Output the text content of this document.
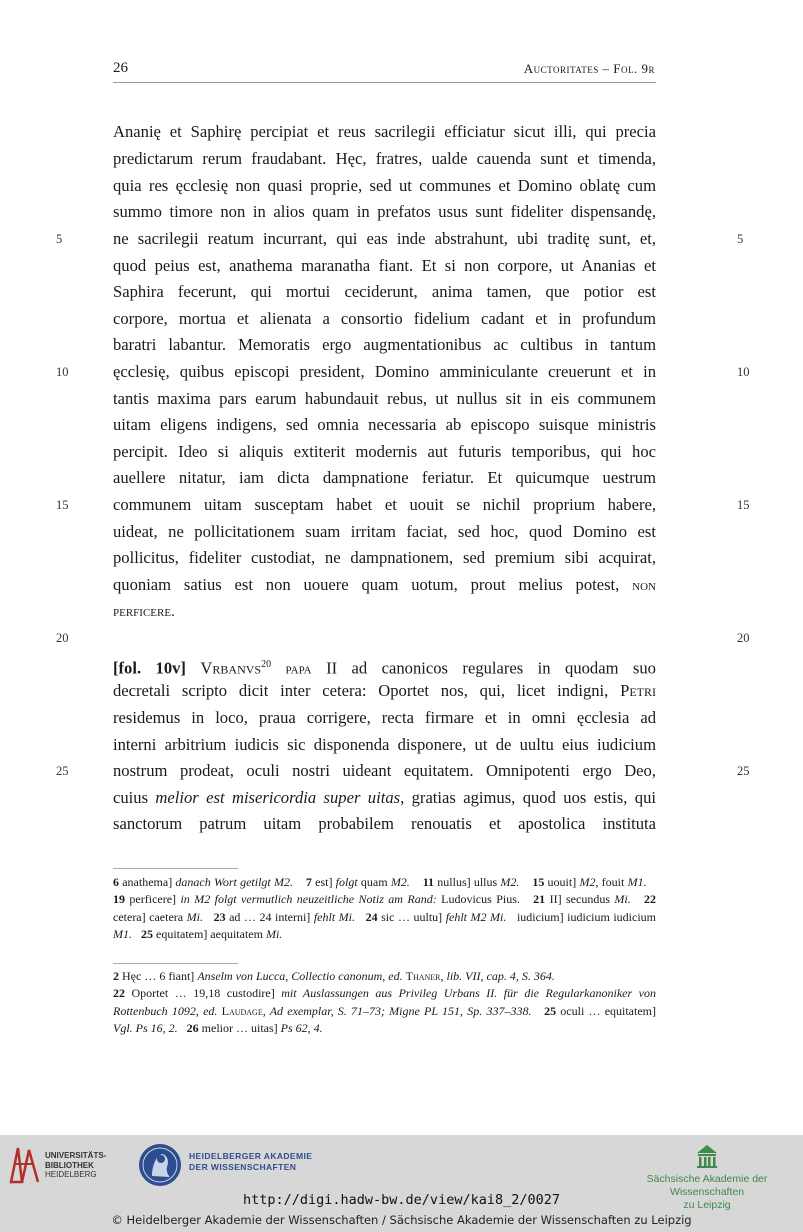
26	Auctoritates – Fol. 9r
5	5
10	10
15	15
20	20
25	25
Ananię et Saphirę percipiat et reus sacrilegii efficiatur sicut illi, qui precia
predictarum rerum fraudabant. Hęc, fratres, ualde cauenda sunt et timenda,
quia res ęcclesię non quasi proprie, sed ut communes et Domino oblatę cum
summo timore non in alios quam in prefatos usus sunt fideliter dispensandę,
ne sacrilegii reatum incurrant, qui eas inde abstrahunt, ubi traditę sunt, et,
quod peius est, anathema maranatha fiant. Et si non corpore, ut Ananias et
Saphira fecerunt, qui mortui ceciderunt, anima tamen, que potior est
corpore, mortua et alienata a consortio fidelium cadant et in profundum
baratri labantur. Memoratis ergo augmentationibus ac cultibus in tantum
ęcclesię, quibus episcopi president, Domino amminiculante creuerunt et in
tantis maxima pars earum habundauit rebus, ut nullus sit in eis communem
uitam eligens indigens, sed omnia necessaria ab episcopo suisque ministris
percipit. Ideo si aliquis extiterit modernis aut futuris temporibus, qui hoc
auellere nitatur, iam dicta dampnatione feriatur. Et quicumque uestrum
communem uitam susceptam habet et uouit se nichil proprium habere,
uideat, ne pollicitationem suam irritam faciat, sed hoc, quod Domino est
pollicitus, fideliter custodiat, ne dampnationem, sed premium sibi acquirat,
quoniam satius est non uouere quam uotum, prout melius potest, non
perficere.
[fol. 10v] Vrbanvs$^{20}$ papa II ad canonicos regulares in quodam suo
decretali scripto dicit inter cetera: Oportet nos, qui, licet indigni, Petri
residemus in loco, praua corrigere, recta firmare et in omni ęcclesia ad
interni arbitrium iudicis sic disponenda disponere, ut de uultu eius iudicium
nostrum prodeat, oculi nostri uideant equitatem. Omnipotenti ergo Deo,
cuius melior est misericordia super uitas, gratias agimus, quod uos estis, qui
sanctorum patrum uitam probabilem renouatis et apostolica instituta
6 anathema] danach Wort getilgt M2. 7 est] folgt quam M2. 11 nullus] ullus M2. 15 uouit] M2, fouit M1.    19 perficere] in M2 folgt vermutlich neuzeitliche Notiz am Rand: Ludovicus Pius. 21 II] secundus Mi. 22 cetera] caetera Mi. 23 ad … 24 interni] fehlt Mi. 24 sic … uultu] fehlt M2 Mi.   iudicium] iudicium iudicium M1. 25 equitatem] aequitatem Mi.
2 Hęc … 6 fiant] Anselm von Lucca, Collectio canonum, ed. Thaner, lib. VII, cap. 4, S. 364.
22 Oportet … 19,18 custodire] mit Auslassungen aus Privileg Urbans II. für die Regularkanoniker von Rottenbuch 1092, ed. Laudage, Ad exemplar, S. 71–73; Migne PL 151, Sp. 337–338. 25 oculi … equitatem] Vgl. Ps 16, 2. 26 melior … uitas] Ps 62, 4.
UNIVERSITÄTS-
BIBLIOTHEK
HEIDELBERG
HEIDELBERGER AKADEMIE
DER WISSENSCHAFTEN
Sächsische Akademie der Wissenschaften
zu Leipzig
http://digi.hadw-bw.de/view/kai8_2/0027
© Heidelberger Akademie der Wissenschaften / Sächsische Akademie der Wissenschaften zu Leipzig
